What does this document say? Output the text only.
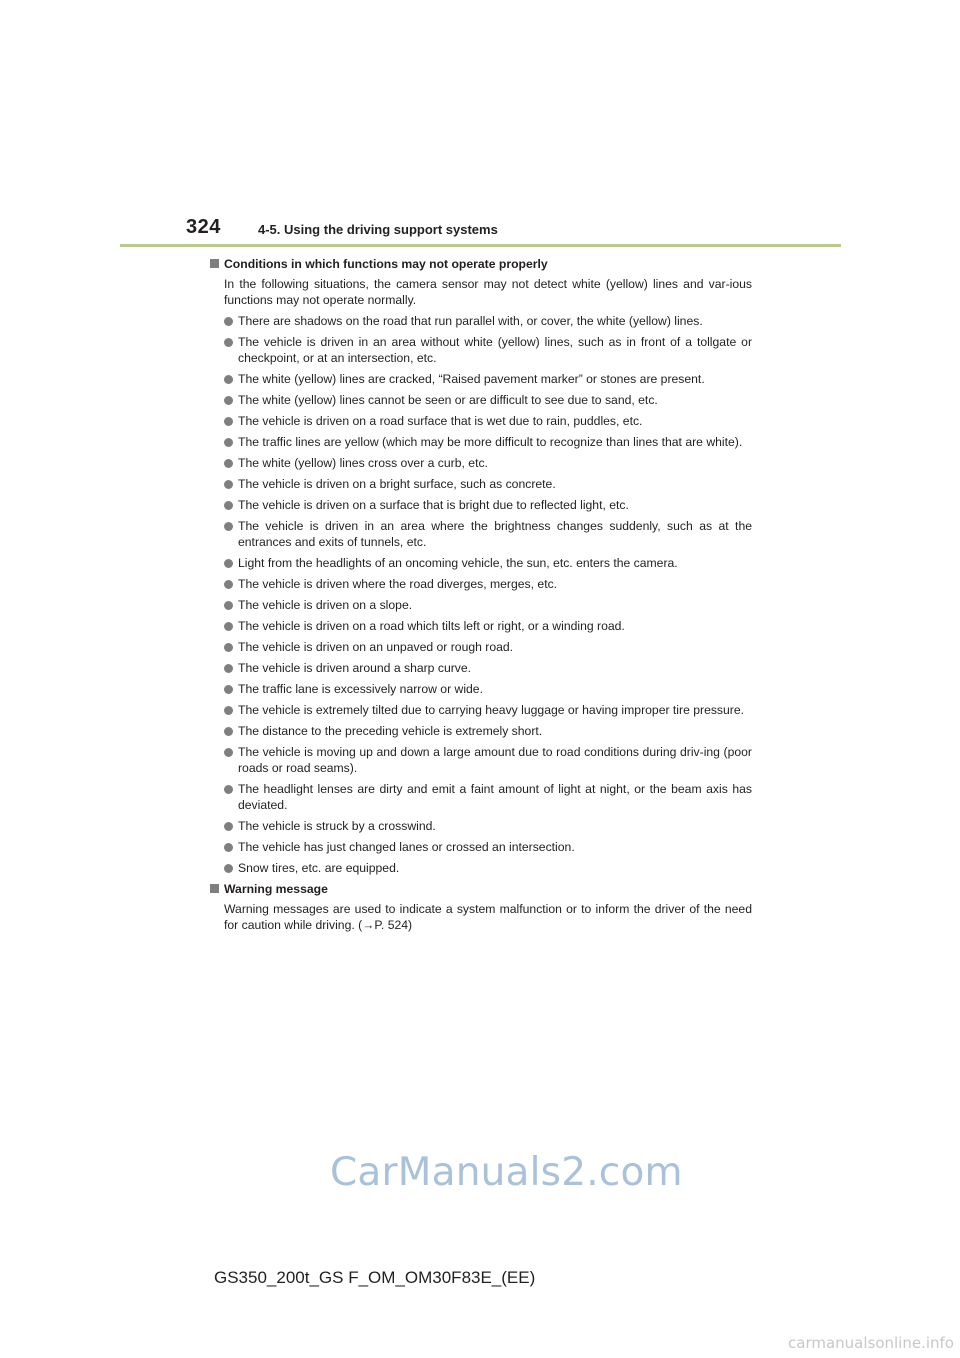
324	4-5. Using the driving support systems
Conditions in which functions may not operate properly
In the following situations, the camera sensor may not detect white (yellow) lines and var-ious functions may not operate normally.
There are shadows on the road that run parallel with, or cover, the white (yellow) lines.
The vehicle is driven in an area without white (yellow) lines, such as in front of a tollgate or checkpoint, or at an intersection, etc.
The white (yellow) lines are cracked, “Raised pavement marker” or stones are present.
The white (yellow) lines cannot be seen or are difficult to see due to sand, etc.
The vehicle is driven on a road surface that is wet due to rain, puddles, etc.
The traffic lines are yellow (which may be more difficult to recognize than lines that are white).
The white (yellow) lines cross over a curb, etc.
The vehicle is driven on a bright surface, such as concrete.
The vehicle is driven on a surface that is bright due to reflected light, etc.
The vehicle is driven in an area where the brightness changes suddenly, such as at the entrances and exits of tunnels, etc.
Light from the headlights of an oncoming vehicle, the sun, etc. enters the camera.
The vehicle is driven where the road diverges, merges, etc.
The vehicle is driven on a slope.
The vehicle is driven on a road which tilts left or right, or a winding road.
The vehicle is driven on an unpaved or rough road.
The vehicle is driven around a sharp curve.
The traffic lane is excessively narrow or wide.
The vehicle is extremely tilted due to carrying heavy luggage or having improper tire pressure.
The distance to the preceding vehicle is extremely short.
The vehicle is moving up and down a large amount due to road conditions during driv-ing (poor roads or road seams).
The headlight lenses are dirty and emit a faint amount of light at night, or the beam axis has deviated.
The vehicle is struck by a crosswind.
The vehicle has just changed lanes or crossed an intersection.
Snow tires, etc. are equipped.
Warning message
Warning messages are used to indicate a system malfunction or to inform the driver of the need for caution while driving. (→P. 524)
CarManuals2.com
GS350_200t_GS F_OM_OM30F83E_(EE)
carmanualsonline.info
